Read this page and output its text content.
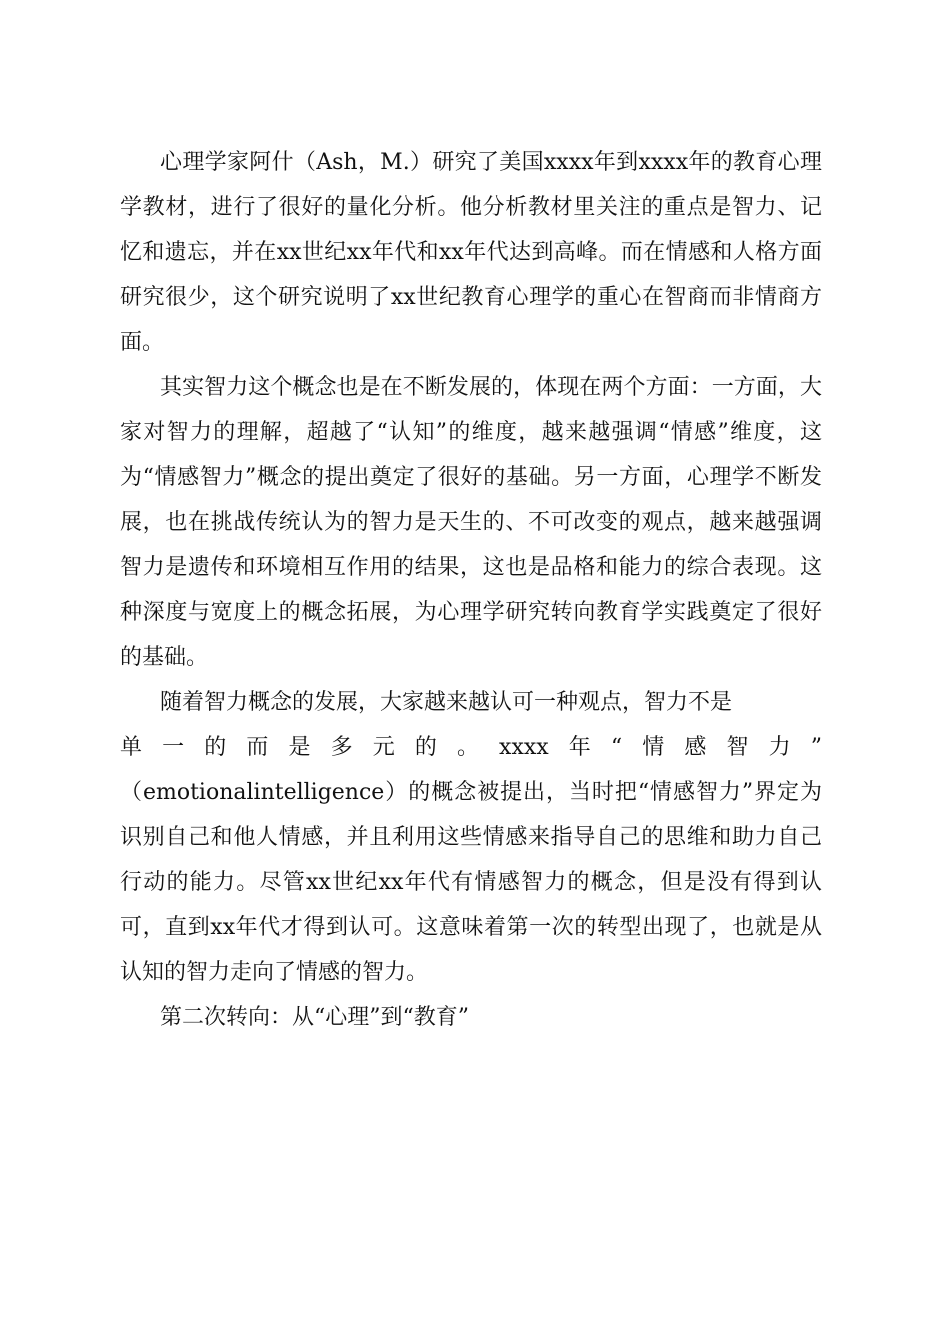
心理学家阿什（Ash，M.）研究了美国xxxx年到xxxx年的教育心理学教材，进行了很好的量化分析。他分析教材里关注的重点是智力、记忆和遗忘，并在xx世纪xx年代和xx年代达到高峰。而在情感和人格方面研究很少，这个研究说明了xx世纪教育心理学的重心在智商而非情商方面。

其实智力这个概念也是在不断发展的，体现在两个方面：一方面，大家对智力的理解，超越了“认知”的维度，越来越强调“情感”维度，这为“情感智力”概念的提出奠定了很好的基础。另一方面，心理学不断发展，也在挑战传统认为的智力是天生的、不可改变的观点，越来越强调智力是遗传和环境相互作用的结果，这也是品格和能力的综合表现。这种深度与宽度上的概念拓展，为心理学研究转向教育学实践奠定了很好的基础。

随着智力概念的发展，大家越来越认可一种观点，智力不是

单一的而是多元的。xxxx年“情感智力”

（emotionalintelligence）的概念被提出，当时把“情感智力”界定为识别自己和他人情感，并且利用这些情感来指导自己的思维和助力自己行动的能力。尽管xx世纪xx年代有情感智力的概念，但是没有得到认可，直到xx年代才得到认可。这意味着第一次的转型出现了，也就是从认知的智力走向了情感的智力。

第二次转向：从“心理”到“教育”
